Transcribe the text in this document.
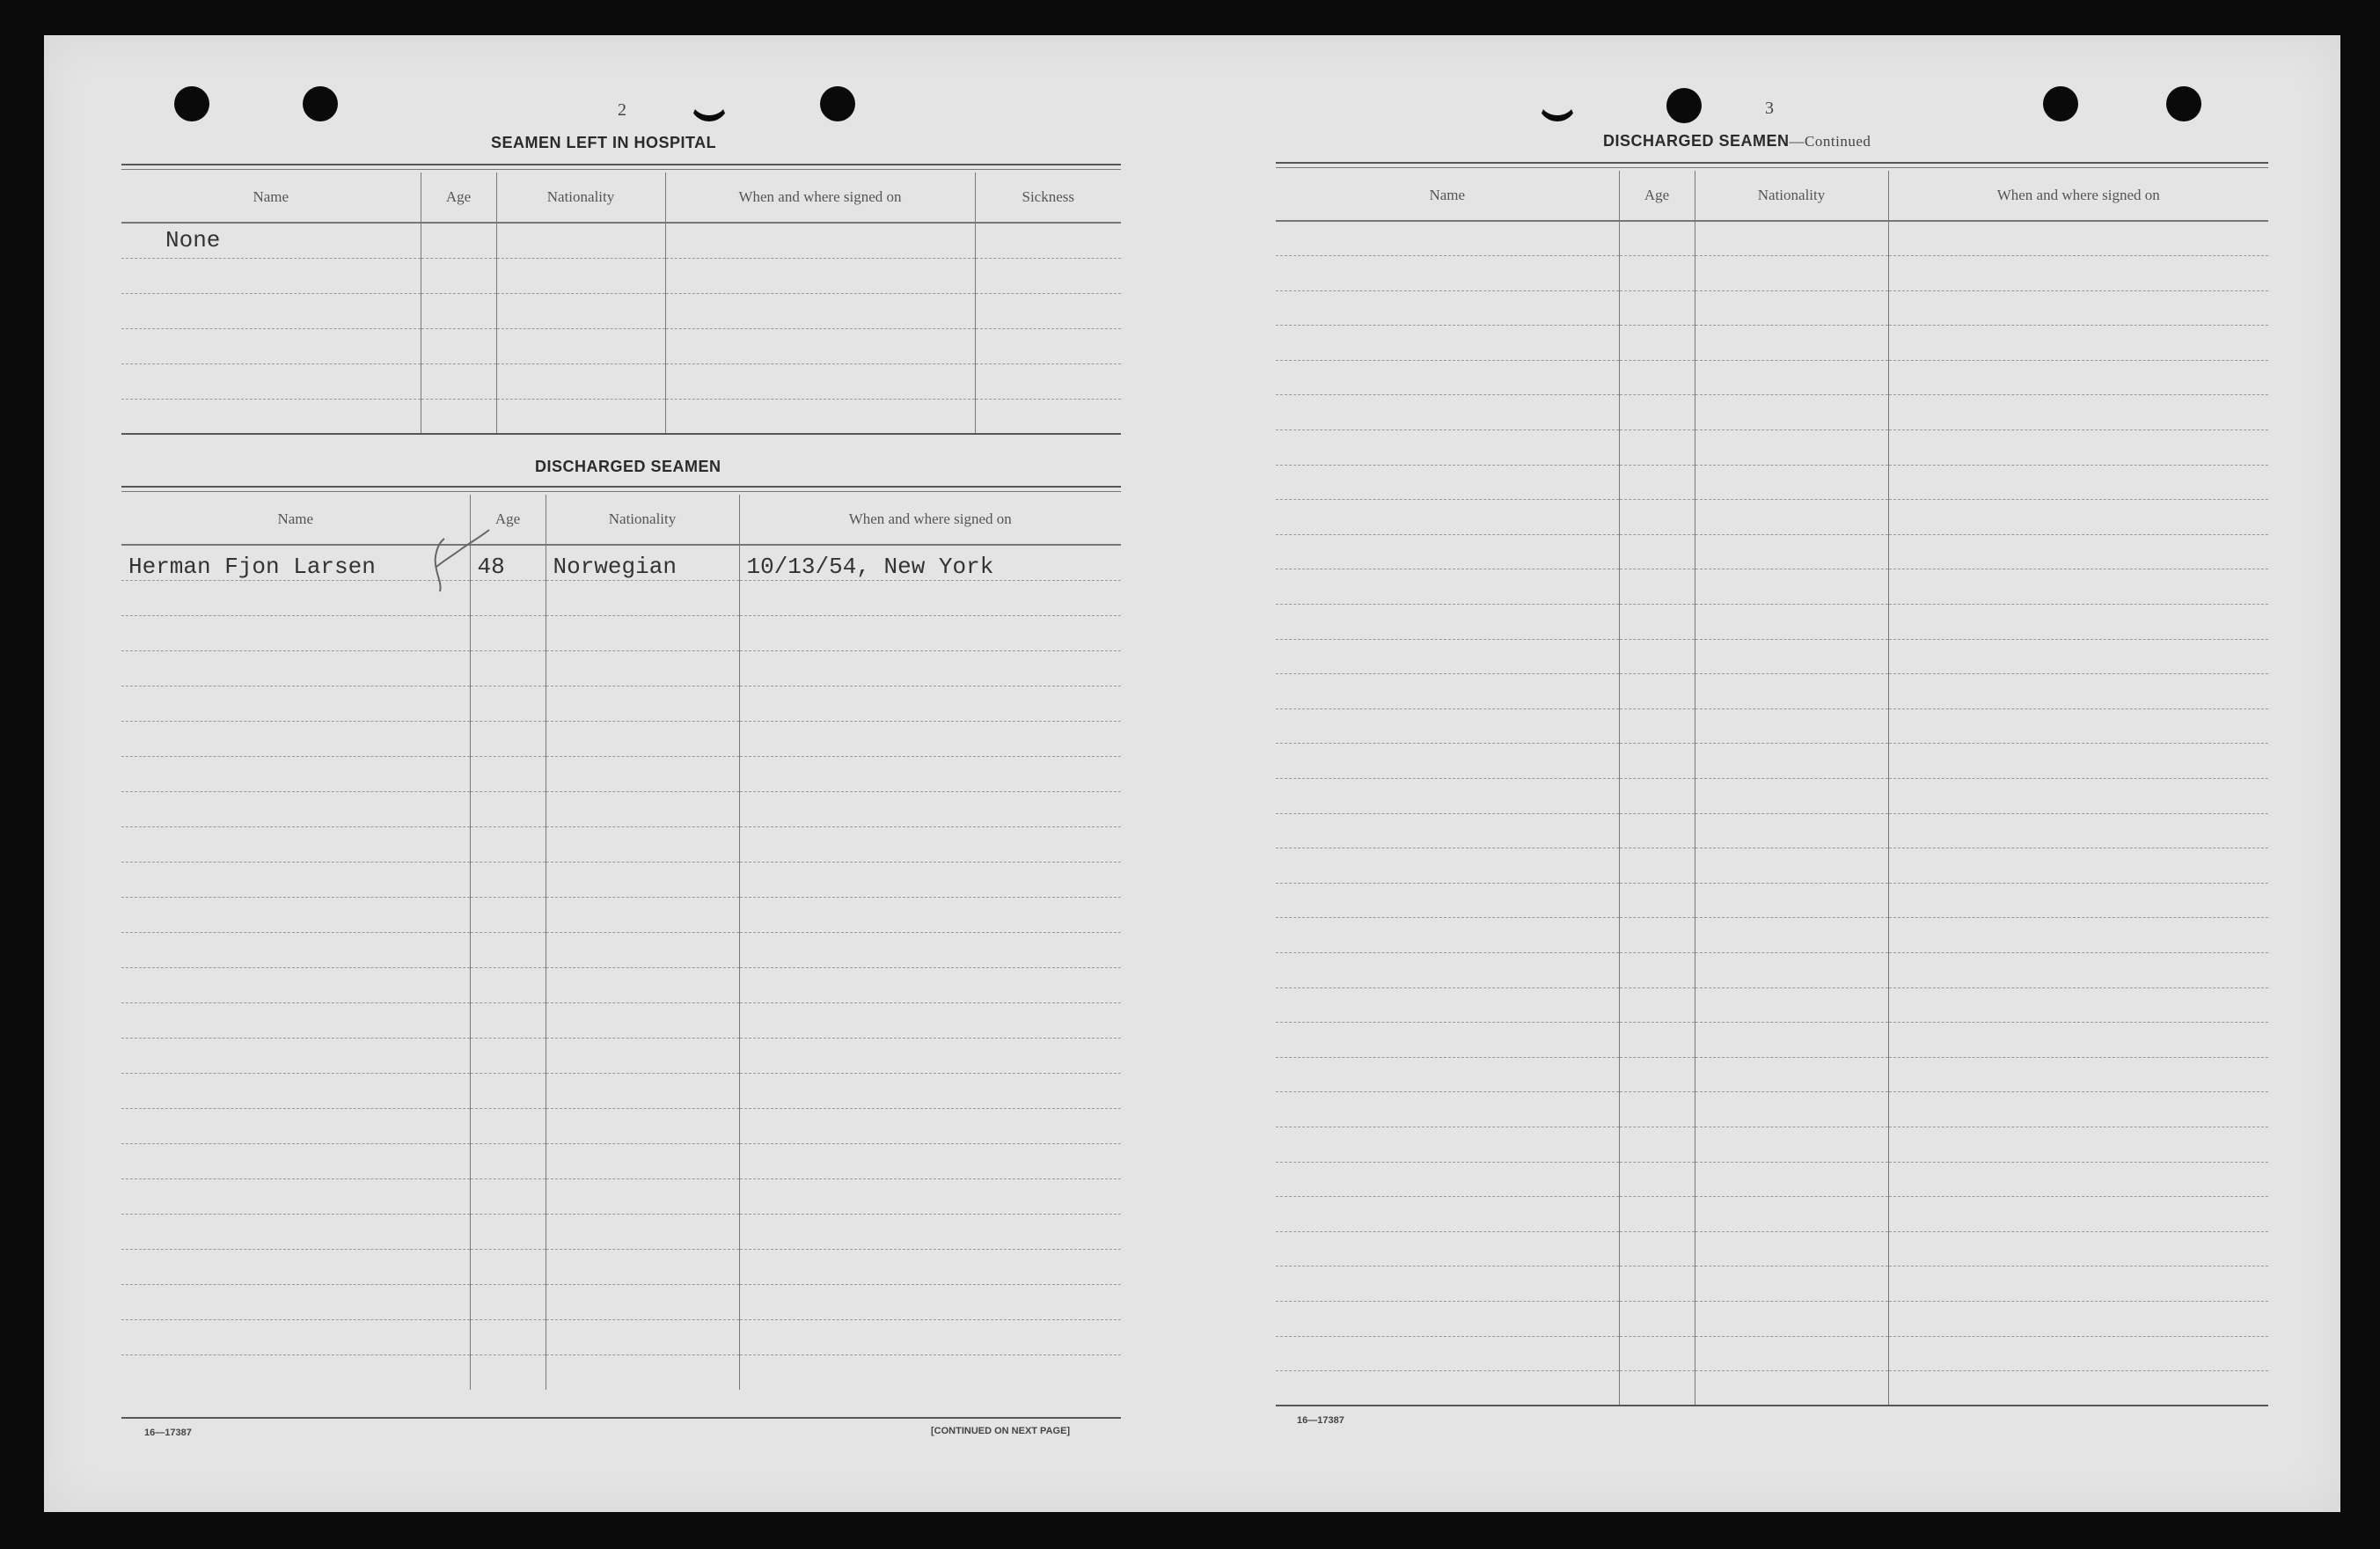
2
SEAMEN LEFT IN HOSPITAL
Name	Age	Nationality	When and where signed on	Sickness
None				

DISCHARGED SEAMEN
Name	Age	Nationality	When and where signed on
Herman Fjon Larsen	48	Norwegian	10/13/54, New York

16—17387	[CONTINUED ON NEXT PAGE]
3
DISCHARGED SEAMEN—Continued
Name	Age	Nationality	When and where signed on

16—17387
